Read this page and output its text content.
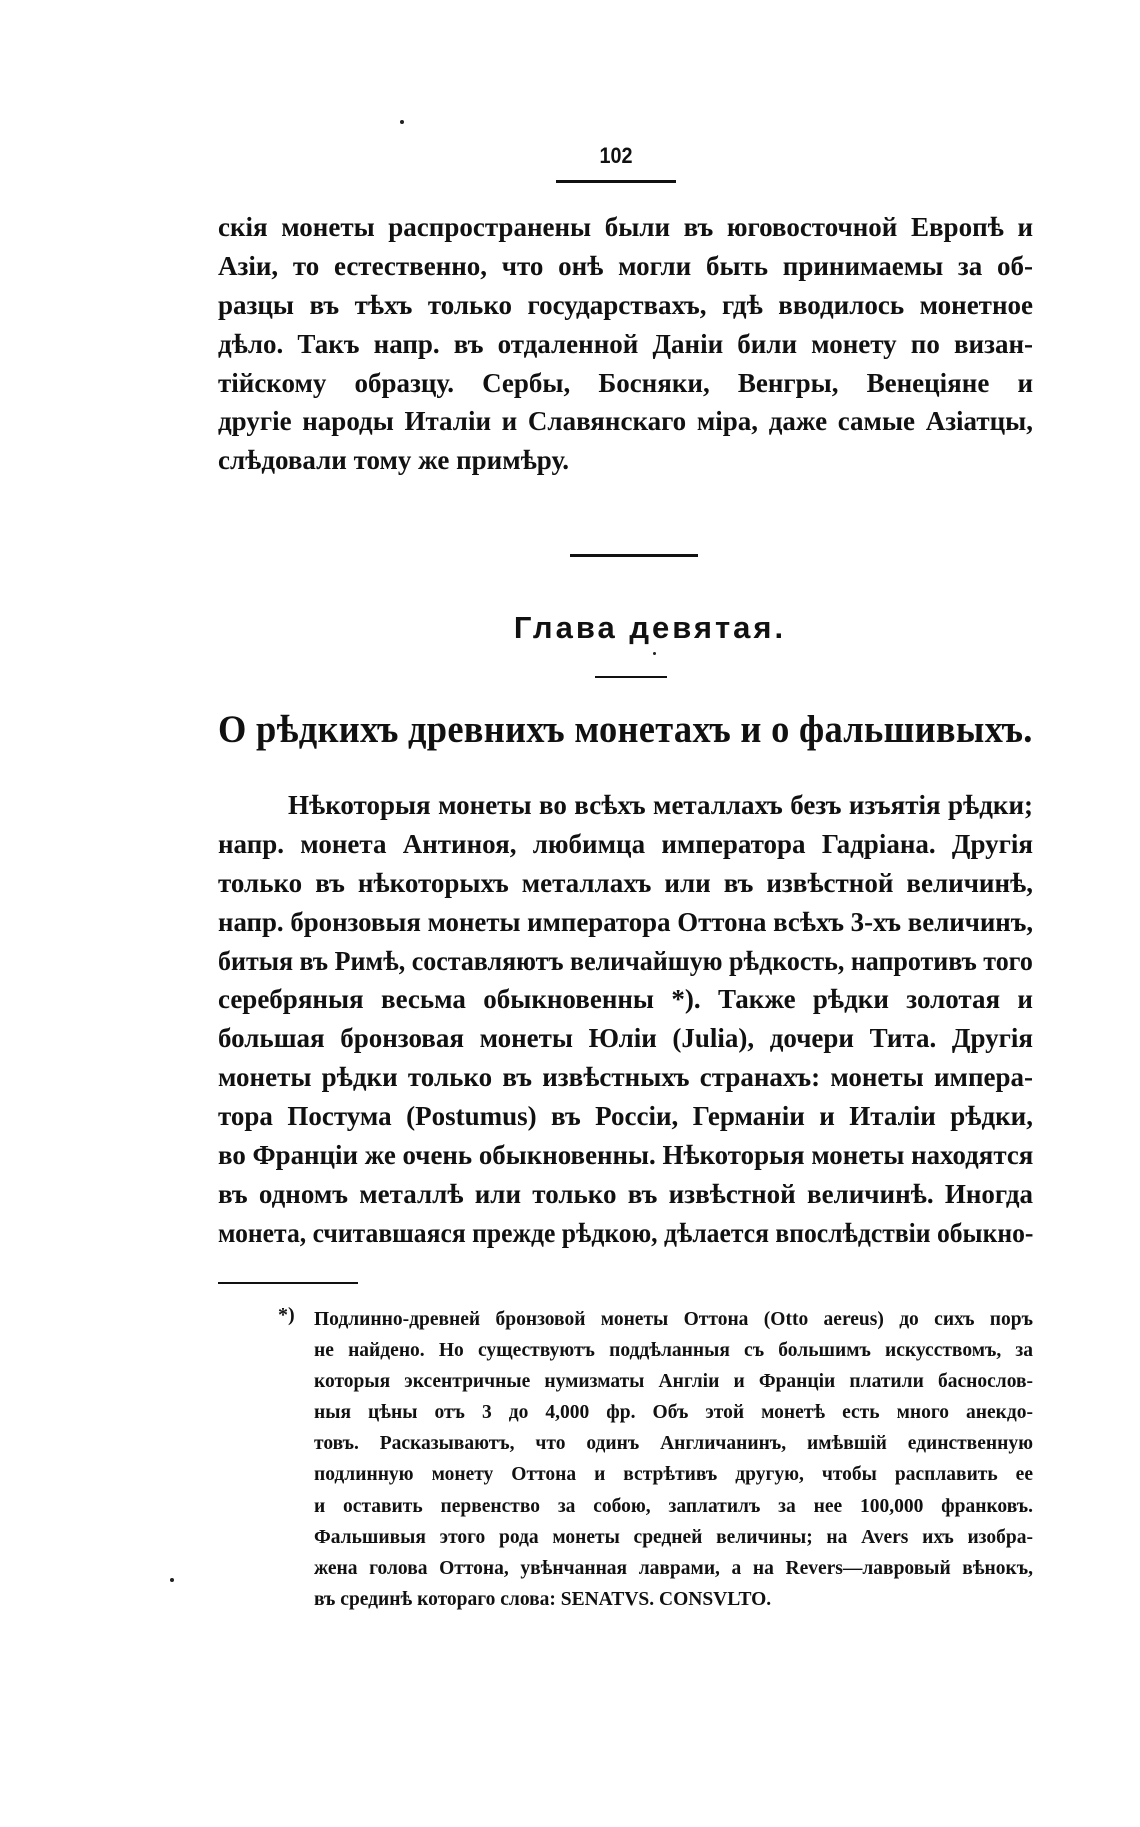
102
скія монеты распространены были въ юговосточной Европѣ и
Азіи, то естественно, что онѣ могли быть принимаемы за об-
разцы въ тѣхъ только государствахъ, гдѣ вводилось монетное
дѣло. Такъ напр. въ отдаленной Даніи били монету по визан-
тійскому образцу. Сербы, Босняки, Венгры, Венеціяне и
другіе народы Италіи и Славянскаго міра, даже самые Азіатцы,
слѣдовали тому же примѣру.
Глава девятая.
О рѣдкихъ древнихъ монетахъ и о фальшивыхъ.
Нѣкоторыя монеты во всѣхъ металлахъ безъ изъятія рѣдки;
напр. монета Антиноя, любимца императора Гадріана. Другія
только въ нѣкоторыхъ металлахъ или въ извѣстной величинѣ,
напр. бронзовыя монеты императора Оттона всѣхъ 3-хъ величинъ,
битыя въ Римѣ, составляютъ величайшую рѣдкость, напротивъ того
серебряныя весьма обыкновенны *). Также рѣдки золотая и
большая бронзовая монеты Юліи (Julia), дочери Тита. Другія
монеты рѣдки только въ извѣстныхъ странахъ: монеты импера-
тора Постума (Postumus) въ Россіи, Германіи и Италіи рѣдки,
во Франціи же очень обыкновенны. Нѣкоторыя монеты находятся
въ одномъ металлѣ или только въ извѣстной величинѣ. Иногда
монета, считавшаяся прежде рѣдкою, дѣлается впослѣдствіи обыкно-
*) Подлинно-древней бронзовой монеты Оттона (Otto aereus) до сихъ поръ
не найдено. Но существуютъ поддѣланныя съ большимъ искусствомъ, за
которыя эксентричные нумизматы Англіи и Франціи платили баснослов-
ныя цѣны отъ 3 до 4,000 фр. Объ этой монетѣ есть много анекдо-
товъ. Расказываютъ, что одинъ Англичанинъ, имѣвшій единственную
подлинную монету Оттона и встрѣтивъ другую, чтобы расплавить ее
и оставить первенство за собою, заплатилъ за нее 100,000 франковъ.
Фальшивыя этого рода монеты средней величины; на Avers ихъ изобра-
жена голова Оттона, увѣнчанная лаврами, а на Revers—лавровый вѣнокъ,
въ срединѣ котораго слова: SENATVS. CONSVLTO.
